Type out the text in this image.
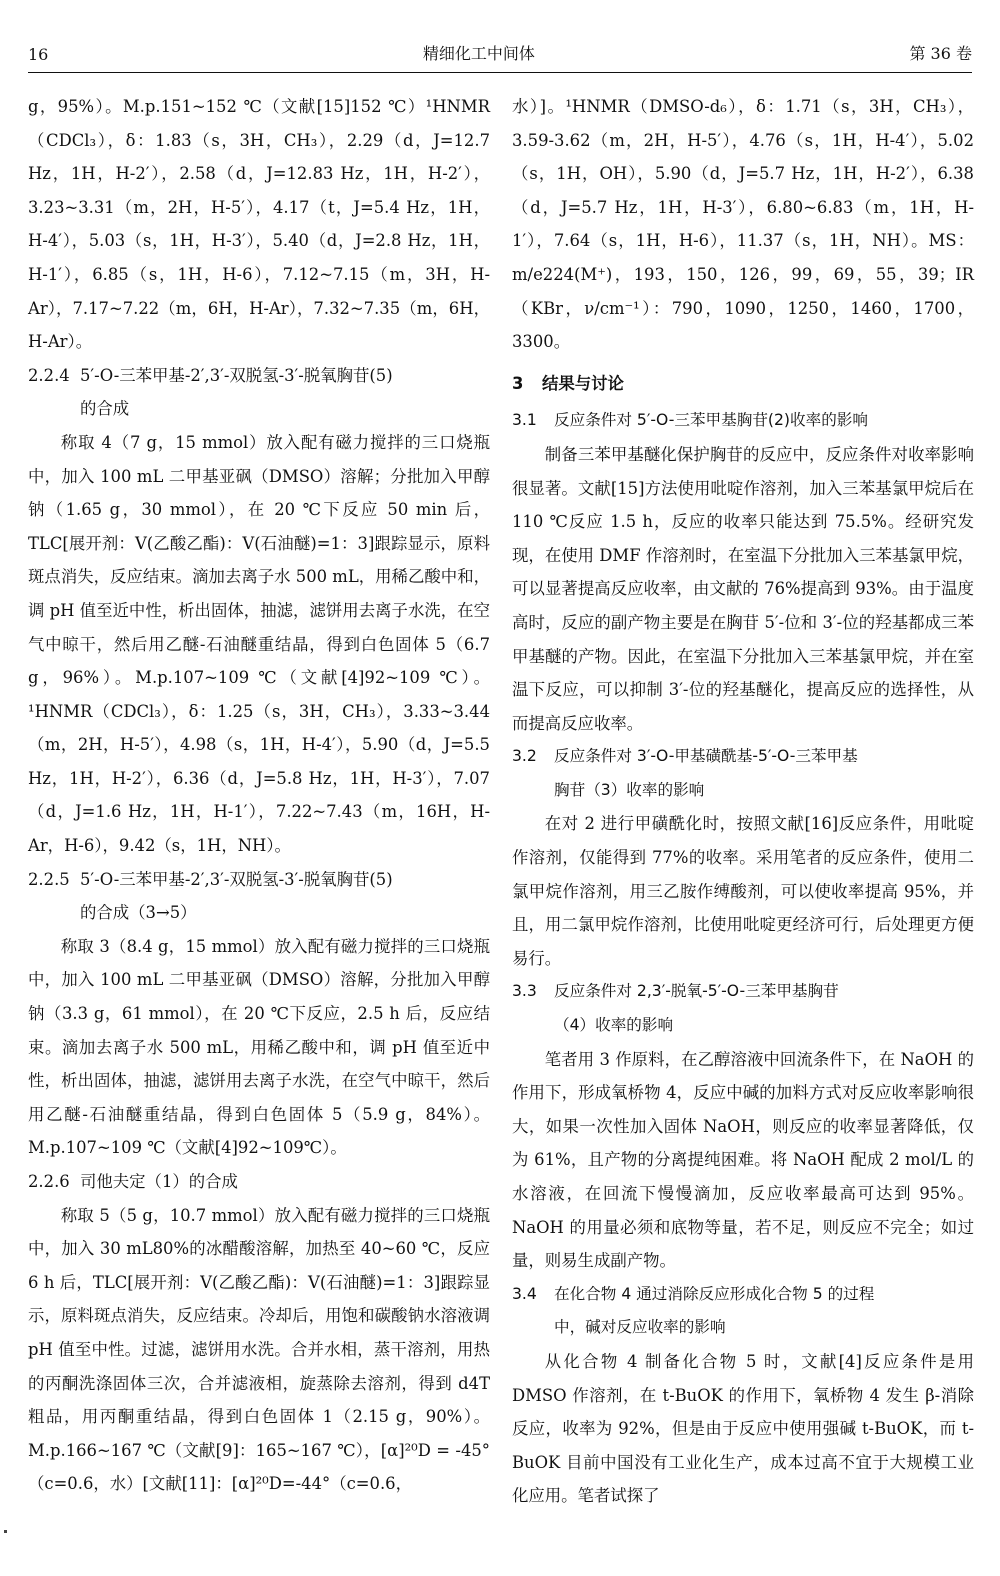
16	精细化工中间体	第 36 卷

g，95%）。M.p.151~152 ℃（文献[15]152 ℃）¹HNMR（CDCl₃），δ：1.83（s，3H，CH₃），2.29（d，J=12.7 Hz，1H，H-2′），2.58（d，J=12.83 Hz，1H，H-2′），3.23~3.31（m，2H，H-5′），4.17（t，J=5.4 Hz，1H，H-4′），5.03（s，1H，H-3′），5.40（d，J=2.8 Hz，1H，H-1′），6.85（s，1H，H-6），7.12~7.15（m，3H，H-Ar），7.17~7.22（m，6H，H-Ar），7.32~7.35（m，6H，H-Ar）。

2.2.4 5′-O-三苯甲基-2′,3′-双脱氢-3′-脱氧胸苷(5)
的合成

称取 4（7 g，15 mmol）放入配有磁力搅拌的三口烧瓶中，加入 100 mL 二甲基亚砜（DMSO）溶解；分批加入甲醇钠（1.65 g，30 mmol），在 20 ℃下反应 50 min 后，TLC[展开剂：V(乙酸乙酯)：V(石油醚)=1：3]跟踪显示，原料斑点消失，反应结束。滴加去离子水 500 mL，用稀乙酸中和，调 pH 值至近中性，析出固体，抽滤，滤饼用去离子水洗，在空气中晾干，然后用乙醚-石油醚重结晶，得到白色固体 5（6.7 g，96%）。M.p.107~109 ℃（文献[4]92~109 ℃）。¹HNMR（CDCl₃），δ：1.25（s，3H，CH₃），3.33~3.44（m，2H，H-5′），4.98（s，1H，H-4′），5.90（d，J=5.5 Hz，1H，H-2′），6.36（d，J=5.8 Hz，1H，H-3′），7.07（d，J=1.6 Hz，1H，H-1′），7.22~7.43（m，16H，H-Ar，H-6），9.42（s，1H，NH）。

2.2.5 5′-O-三苯甲基-2′,3′-双脱氢-3′-脱氧胸苷(5)
的合成（3→5）

称取 3（8.4 g，15 mmol）放入配有磁力搅拌的三口烧瓶中，加入 100 mL 二甲基亚砜（DMSO）溶解，分批加入甲醇钠（3.3 g，61 mmol），在 20 ℃下反应，2.5 h 后，反应结束。滴加去离子水 500 mL，用稀乙酸中和，调 pH 值至近中性，析出固体，抽滤，滤饼用去离子水洗，在空气中晾干，然后用乙醚-石油醚重结晶，得到白色固体 5（5.9 g，84%）。M.p.107~109 ℃（文献[4]92~109℃）。

2.2.6 司他夫定（1）的合成

称取 5（5 g，10.7 mmol）放入配有磁力搅拌的三口烧瓶中，加入 30 mL80%的冰醋酸溶解，加热至 40~60 ℃，反应 6 h 后，TLC[展开剂：V(乙酸乙酯)：V(石油醚)=1：3]跟踪显示，原料斑点消失，反应结束。冷却后，用饱和碳酸钠水溶液调 pH 值至中性。过滤，滤饼用水洗。合并水相，蒸干溶剂，用热的丙酮洗涤固体三次，合并滤液相，旋蒸除去溶剂，得到 d4T 粗品，用丙酮重结晶，得到白色固体 1（2.15 g，90%）。M.p.166~167 ℃（文献[9]：165~167 ℃），[α]²⁰D = -45°（c=0.6，水）[文献[11]：[α]²⁰D=-44°（c=0.6，

水）]。¹HNMR（DMSO-d₆），δ：1.71（s，3H，CH₃），3.59-3.62（m，2H，H-5′），4.76（s，1H，H-4′），5.02（s，1H，OH），5.90（d，J=5.7 Hz，1H，H-2′），6.38（d，J=5.7 Hz，1H，H-3′），6.80~6.83（m，1H，H-1′），7.64（s，1H，H-6），11.37（s，1H，NH）。MS：m/e224(M⁺)，193，150，126，99，69，55，39；IR（KBr，ν/cm⁻¹）：790，1090，1250，1460，1700，3300。

3 结果与讨论
3.1 反应条件对 5′-O-三苯甲基胸苷(2)收率的影响

制备三苯甲基醚化保护胸苷的反应中，反应条件对收率影响很显著。文献[15]方法使用吡啶作溶剂，加入三苯基氯甲烷后在 110 ℃反应 1.5 h，反应的收率只能达到 75.5%。经研究发现，在使用 DMF 作溶剂时，在室温下分批加入三苯基氯甲烷，可以显著提高反应收率，由文献的 76%提高到 93%。由于温度高时，反应的副产物主要是在胸苷 5′-位和 3′-位的羟基都成三苯甲基醚的产物。因此，在室温下分批加入三苯基氯甲烷，并在室温下反应，可以抑制 3′-位的羟基醚化，提高反应的选择性，从而提高反应收率。

3.2 反应条件对 3′-O-甲基磺酰基-5′-O-三苯甲基
胸苷（3）收率的影响

在对 2 进行甲磺酰化时，按照文献[16]反应条件，用吡啶作溶剂，仅能得到 77%的收率。采用笔者的反应条件，使用二氯甲烷作溶剂，用三乙胺作缚酸剂，可以使收率提高 95%，并且，用二氯甲烷作溶剂，比使用吡啶更经济可行，后处理更方便易行。

3.3 反应条件对 2,3′-脱氧-5′-O-三苯甲基胸苷
（4）收率的影响

笔者用 3 作原料，在乙醇溶液中回流条件下，在 NaOH 的作用下，形成氧桥物 4，反应中碱的加料方式对反应收率影响很大，如果一次性加入固体 NaOH，则反应的收率显著降低，仅为 61%，且产物的分离提纯困难。将 NaOH 配成 2 mol/L 的水溶液，在回流下慢慢滴加，反应收率最高可达到 95%。NaOH 的用量必须和底物等量，若不足，则反应不完全；如过量，则易生成副产物。

3.4 在化合物 4 通过消除反应形成化合物 5 的过程
中，碱对反应收率的影响

从化合物 4 制备化合物 5 时，文献[4]反应条件是用 DMSO 作溶剂，在 t-BuOK 的作用下，氧桥物 4 发生 β-消除反应，收率为 92%，但是由于反应中使用强碱 t-BuOK，而 t-BuOK 目前中国没有工业化生产，成本过高不宜于大规模工业化应用。笔者试探了
